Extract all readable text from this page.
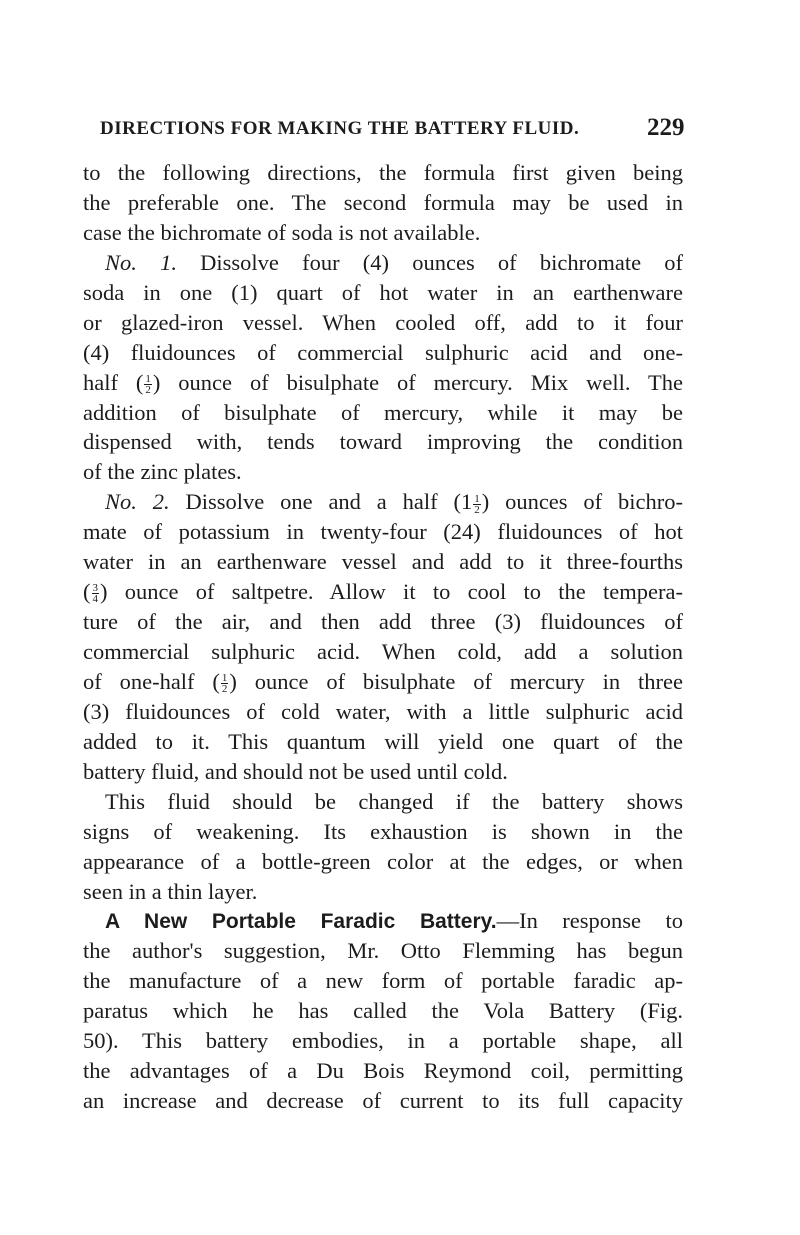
DIRECTIONS FOR MAKING THE BATTERY FLUID.	229
to the following directions, the formula first given being
the preferable one. The second formula may be used in
case the bichromate of soda is not available.
No. 1. Dissolve four (4) ounces of bichromate of
soda in one (1) quart of hot water in an earthenware
or glazed-iron vessel. When cooled off, add to it four
(4) fluidounces of commercial sulphuric acid and one-
half ( $\frac{1}{2}$ ) ounce of bisulphate of mercury. Mix well. The
addition of bisulphate of mercury, while it may be
dispensed with, tends toward improving the condition
of the zinc plates.
No. 2. Dissolve one and a half ($1 \frac{1}{2}$ ) ounces of bichro-
mate of potassium in twenty-four (24) fluidounces of hot
water in an earthenware vessel and add to it three-fourths
( $\frac{3}{4}$ ) ounce of saltpetre. Allow it to cool to the tempera-
ture of the air, and then add three (3) fluidounces of
commercial sulphuric acid. When cold, add a solution
of one-half ( $\frac{1}{2}$ ) ounce of bisulphate of mercury in three
(3) fluidounces of cold water, with a little sulphuric acid
added to it. This quantum will yield one quart of the
battery fluid, and should not be used until cold.
This fluid should be changed if the battery shows
signs of weakening. Its exhaustion is shown in the
appearance of a bottle-green color at the edges, or when
seen in a thin layer.
A New Portable Faradic Battery.—In response to
the author's suggestion, Mr. Otto Flemming has begun
the manufacture of a new form of portable faradic ap-
paratus which he has called the Vola Battery (Fig.
50). This battery embodies, in a portable shape, all
the advantages of a Du Bois Reymond coil, permitting
an increase and decrease of current to its full capacity
